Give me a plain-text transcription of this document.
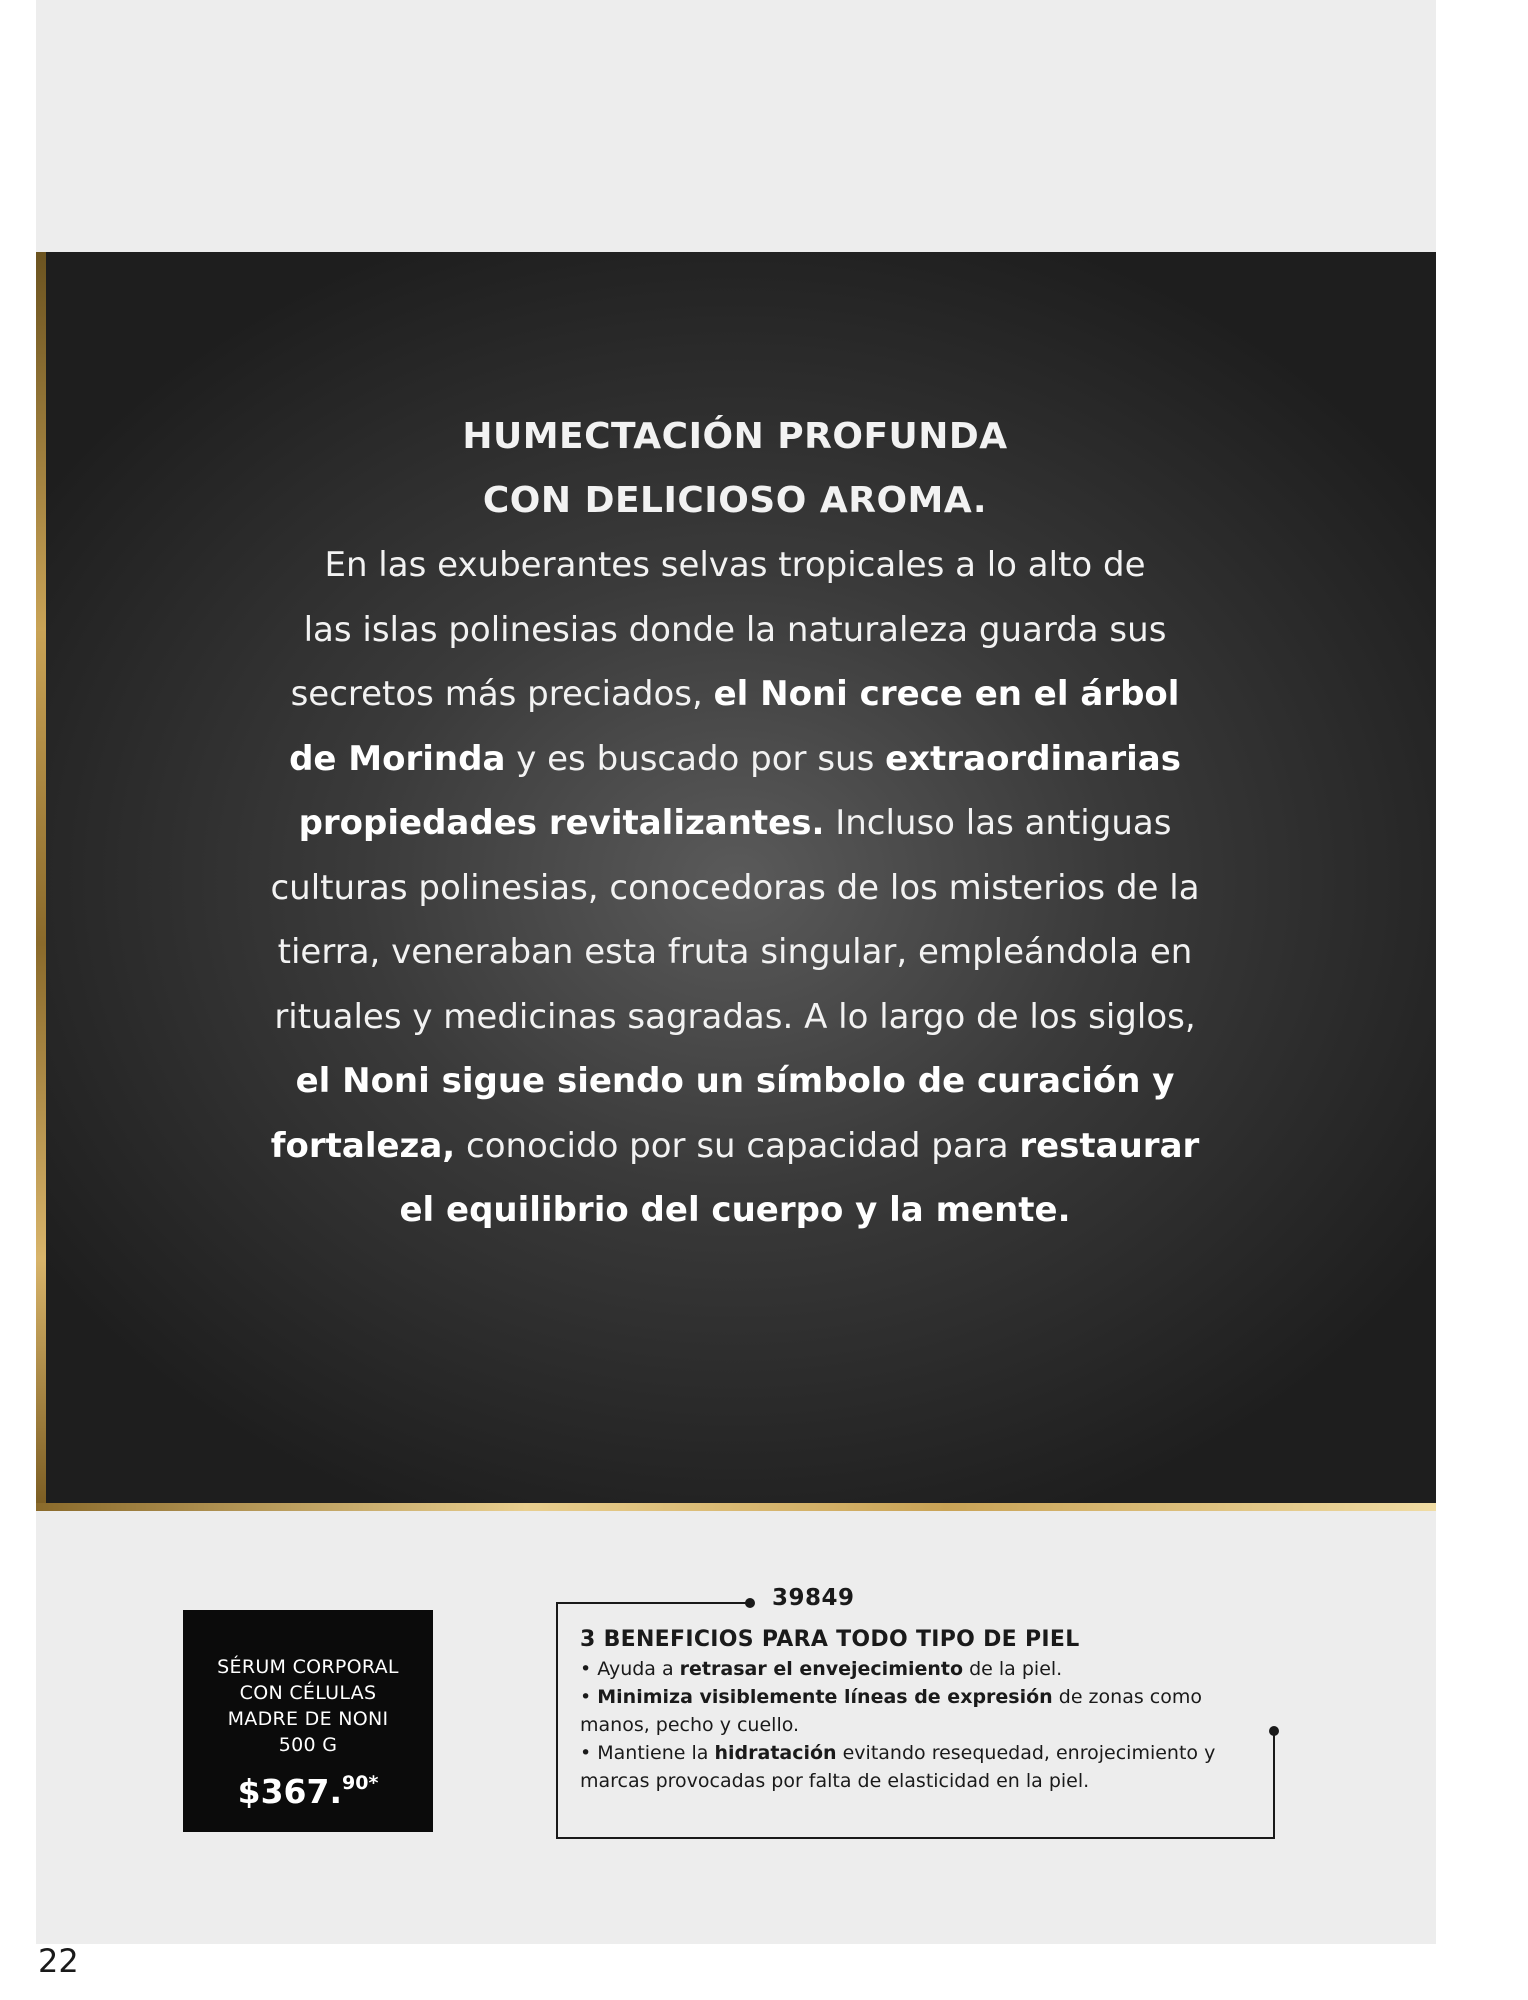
HUMECTACIÓN PROFUNDA
CON DELICIOSO AROMA.

En las exuberantes selvas tropicales a lo alto de
las islas polinesias donde la naturaleza guarda sus
secretos más preciados, el Noni crece en el árbol
de Morinda y es buscado por sus extraordinarias
propiedades revitalizantes. Incluso las antiguas
culturas polinesias, conocedoras de los misterios de la
tierra, veneraban esta fruta singular, empleándola en
rituales y medicinas sagradas. A lo largo de los siglos,
el Noni sigue siendo un símbolo de curación y
fortaleza, conocido por su capacidad para restaurar
el equilibrio del cuerpo y la mente.

SÉRUM CORPORAL
CON CÉLULAS
MADRE DE NONI
500 G
$367.$^{90*}$
39849
3 BENEFICIOS PARA TODO TIPO DE PIEL
• Ayuda a retrasar el envejecimiento de la piel.
• Minimiza visiblemente líneas de expresión de zonas como manos, pecho y cuello.
• Mantiene la hidratación evitando resequedad, enrojecimiento y marcas provocadas por falta de elasticidad en la piel.
22
